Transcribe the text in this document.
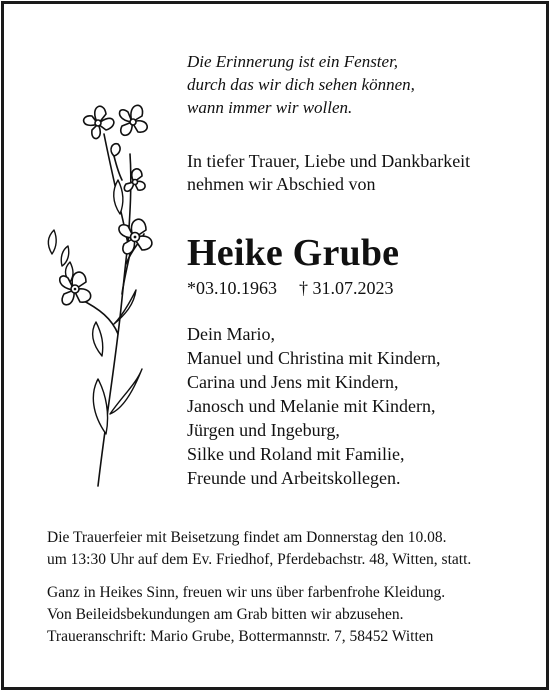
Die Erinnerung ist ein Fenster,
durch das wir dich sehen können,
wann immer wir wollen.
In tiefer Trauer, Liebe und Dankbarkeit
nehmen wir Abschied von
Heike Grube
*03.10.1963 † 31.07.2023
Dein Mario,
Manuel und Christina mit Kindern,
Carina und Jens mit Kindern,
Janosch und Melanie mit Kindern,
Jürgen und Ingeburg,
Silke und Roland mit Familie,
Freunde und Arbeitskollegen.
Die Trauerfeier mit Beisetzung findet am Donnerstag den 10.08.
um 13:30 Uhr auf dem Ev. Friedhof, Pferdebachstr. 48, Witten, statt.
Ganz in Heikes Sinn, freuen wir uns über farbenfrohe Kleidung.
Von Beileidsbekundungen am Grab bitten wir abzusehen.
Traueranschrift: Mario Grube, Bottermannstr. 7, 58452 Witten
